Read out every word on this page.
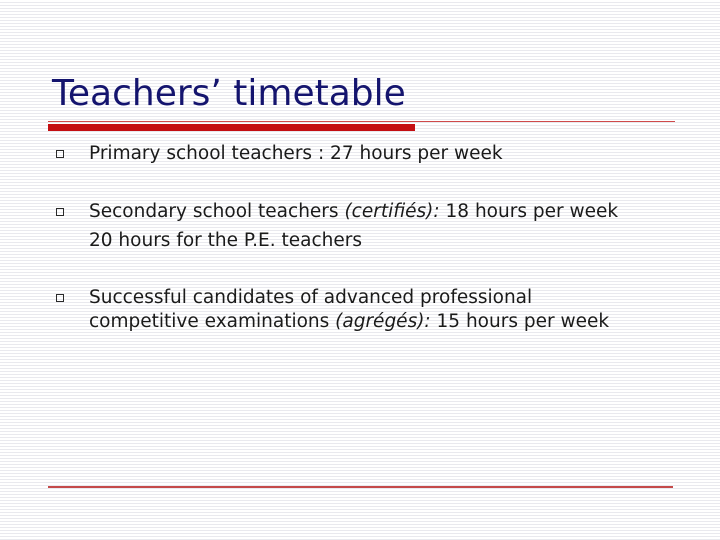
Teachers’ timetable

Primary school teachers : 27 hours per week

Secondary school teachers (certifiés): 18 hours per week

20 hours for the P.E. teachers

Successful candidates of advanced professional

competitive examinations (agrégés): 15 hours per week
